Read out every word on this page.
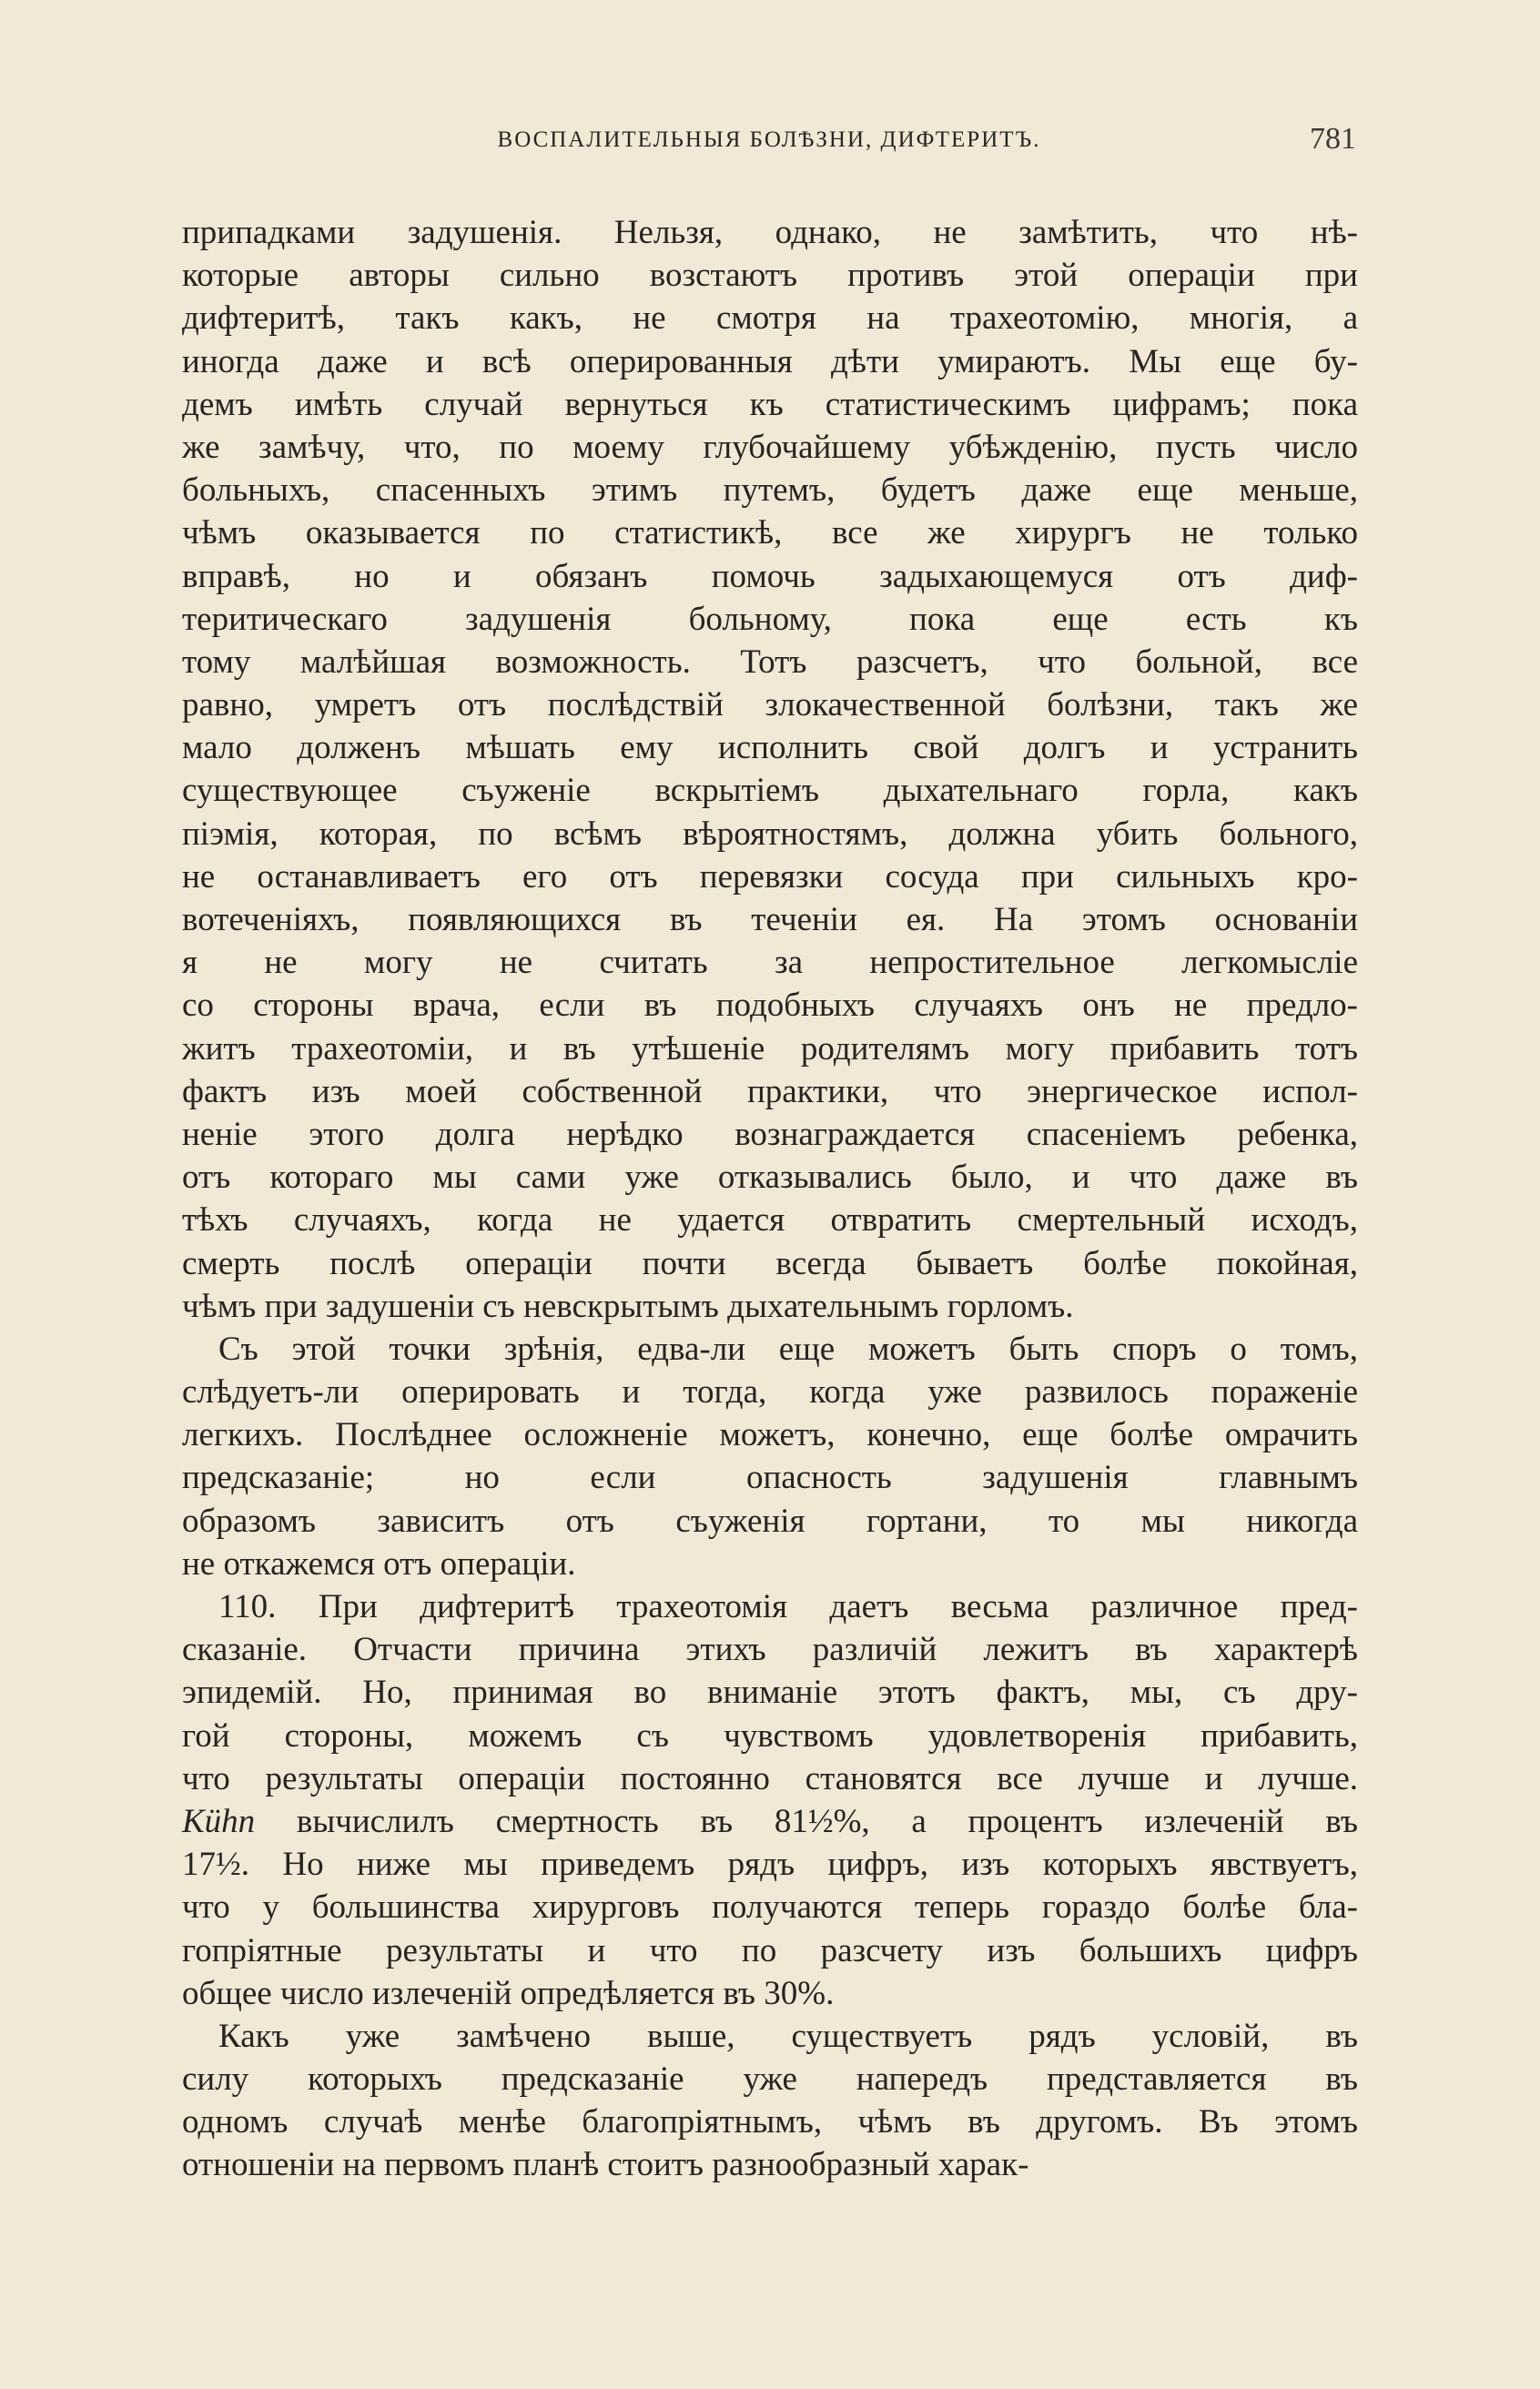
ВОСПАЛИТЕЛЬНЫЯ БОЛѢЗНИ, ДИФТЕРИТЪ.	781
припадками задушенія. Нельзя, однако, не замѣтить, что нѣ-
которые авторы сильно возстаютъ противъ этой операціи при
дифтеритѣ, такъ какъ, не смотря на трахеотомію, многія, а
иногда даже и всѣ оперированныя дѣти умираютъ. Мы еще бу-
демъ имѣть случай вернуться къ статистическимъ цифрамъ; пока
же замѣчу, что, по моему глубочайшему убѣжденію, пусть число
больныхъ, спасенныхъ этимъ путемъ, будетъ даже еще меньше,
чѣмъ оказывается по статистикѣ, все же хирургъ не только
вправѣ, но и обязанъ помочь задыхающемуся отъ диф-
теритическаго задушенія больному, пока еще есть къ
тому малѣйшая возможность. Тотъ разсчетъ, что больной, все
равно, умретъ отъ послѣдствій злокачественной болѣзни, такъ же
мало долженъ мѣшать ему исполнить свой долгъ и устранить
существующее съуженіе вскрытіемъ дыхательнаго горла, какъ
піэмія, которая, по всѣмъ вѣроятностямъ, должна убить больного,
не останавливаетъ его отъ перевязки сосуда при сильныхъ кро-
вотеченіяхъ, появляющихся въ теченіи ея. На этомъ основаніи
я не могу не считать за непростительное легкомысліе
со стороны врача, если въ подобныхъ случаяхъ онъ не предло-
житъ трахеотоміи, и въ утѣшеніе родителямъ могу прибавить тотъ
фактъ изъ моей собственной практики, что энергическое испол-
неніе этого долга нерѣдко вознаграждается спасеніемъ ребенка,
отъ котораго мы сами уже отказывались было, и что даже въ
тѣхъ случаяхъ, когда не удается отвратить смертельный исходъ,
смерть послѣ операціи почти всегда бываетъ болѣе покойная,
чѣмъ при задушеніи съ невскрытымъ дыхательнымъ горломъ.
Съ этой точки зрѣнія, едва-ли еще можетъ быть споръ о томъ,
слѣдуетъ-ли оперировать и тогда, когда уже развилось пораженіе
легкихъ. Послѣднее осложненіе можетъ, конечно, еще болѣе омрачить
предсказаніе; но если опасность задушенія главнымъ
образомъ зависитъ отъ съуженія гортани, то мы никогда
не откажемся отъ операціи.
110. При дифтеритѣ трахеотомія даетъ весьма различное пред-
сказаніе. Отчасти причина этихъ различій лежитъ въ характерѣ
эпидемій. Но, принимая во вниманіе этотъ фактъ, мы, съ дру-
гой стороны, можемъ съ чувствомъ удовлетворенія прибавить,
что результаты операціи постоянно становятся все лучше и лучше.
Kühn вычислилъ смертность въ 81½%, а процентъ излеченій въ
17½. Но ниже мы приведемъ рядъ цифръ, изъ которыхъ явствуетъ,
что у большинства хирурговъ получаются теперь гораздо болѣе бла-
гопріятные результаты и что по разсчету изъ большихъ цифръ
общее число излеченій опредѣляется въ 30%.
Какъ уже замѣчено выше, существуетъ рядъ условій, въ
силу которыхъ предсказаніе уже напередъ представляется въ
одномъ случаѣ менѣе благопріятнымъ, чѣмъ въ другомъ. Въ этомъ
отношеніи на первомъ планѣ стоитъ разнообразный харак-
